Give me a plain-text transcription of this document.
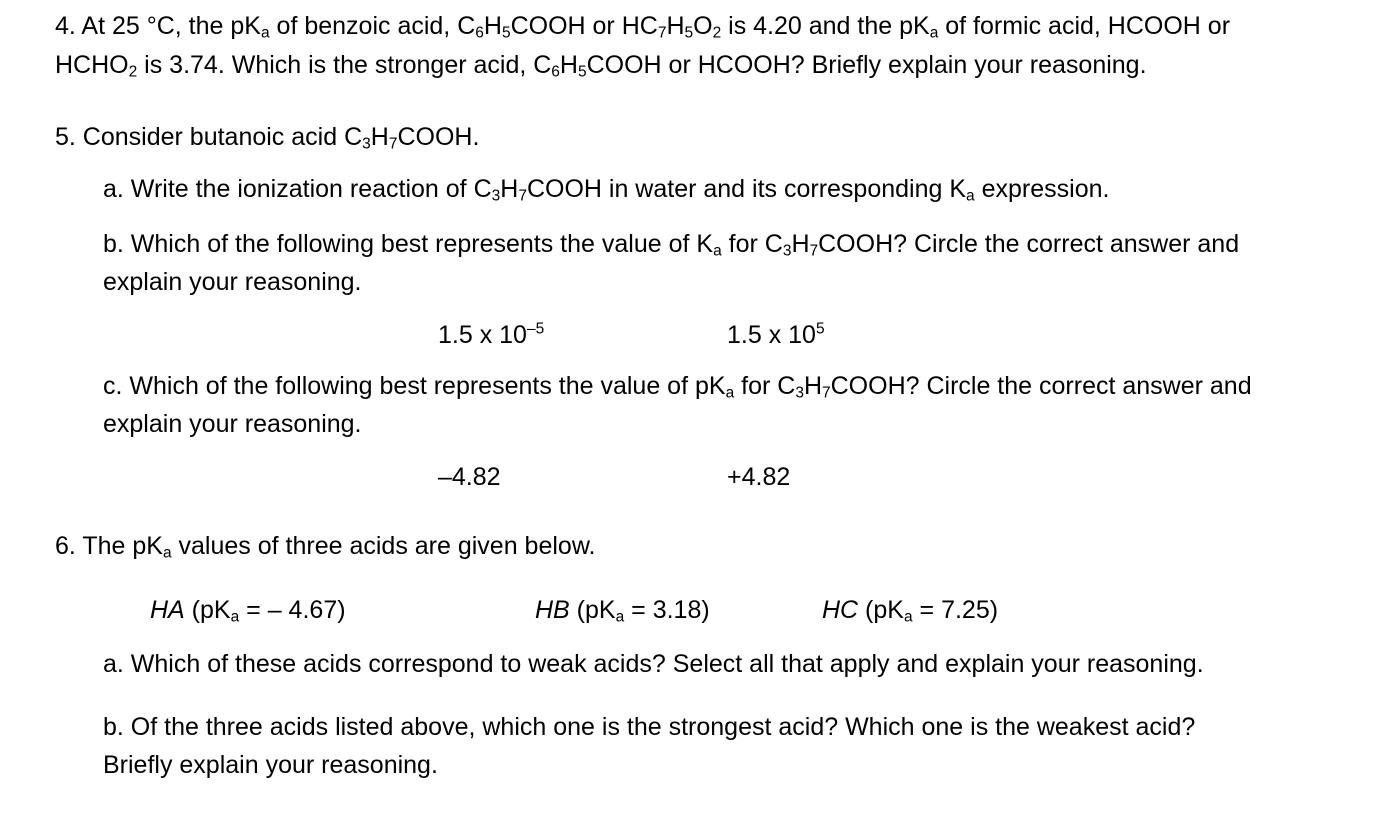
4. At 25 °C, the $pK_a$ of benzoic acid, $C_6H_5COOH$ or $HC_7H_5O_2$ is 4.20 and the $pK_a$ of formic acid, HCOOH or
$HCHO_2$ is 3.74. Which is the stronger acid, $C_6H_5COOH$ or HCOOH? Briefly explain your reasoning.
5. Consider butanoic acid $C_3H_7COOH$.
a. Write the ionization reaction of $C_3H_7COOH$ in water and its corresponding $K_a$ expression.
b. Which of the following best represents the value of $K_a$ for $C_3H_7COOH$? Circle the correct answer and
explain your reasoning.
1.5 x $10^{-5}$	1.5 x $10^5$
c. Which of the following best represents the value of $pK_a$ for $C_3H_7COOH$? Circle the correct answer and
explain your reasoning.
–4.82	+4.82
6. The $pK_a$ values of three acids are given below.
HA ($pK_a$ = – 4.67)	HB $(pK_a = 3.18)$	HC $(pK_a = 7.25)$
a. Which of these acids correspond to weak acids? Select all that apply and explain your reasoning.
b. Of the three acids listed above, which one is the strongest acid? Which one is the weakest acid?
Briefly explain your reasoning.
